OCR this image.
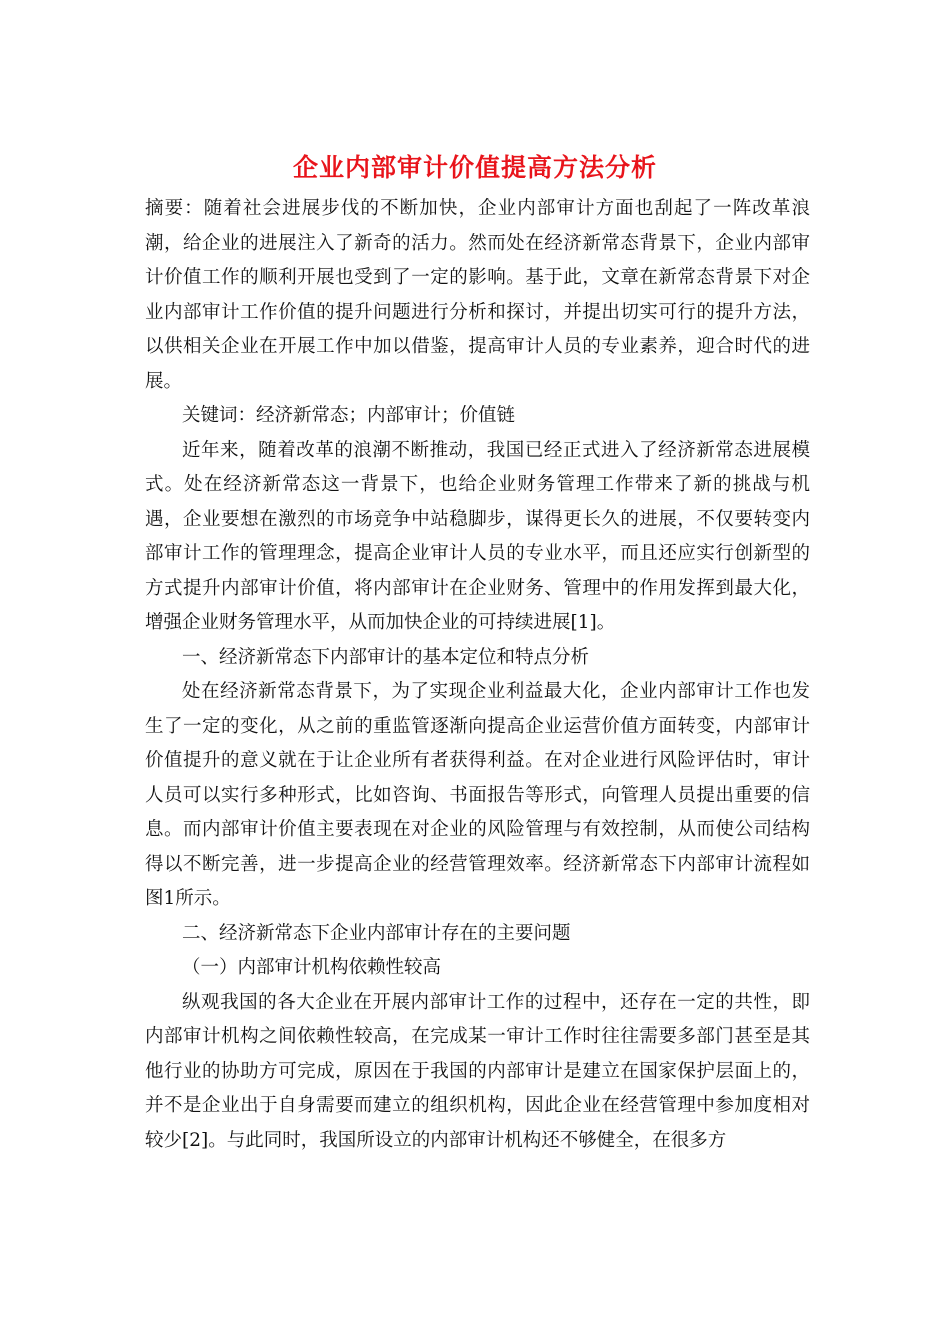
企业内部审计价值提高方法分析

摘要：随着社会进展步伐的不断加快，企业内部审计方面也刮起了一阵改革浪潮，给企业的进展注入了新奇的活力。然而处在经济新常态背景下，企业内部审计价值工作的顺利开展也受到了一定的影响。基于此，文章在新常态背景下对企业内部审计工作价值的提升问题进行分析和探讨，并提出切实可行的提升方法，以供相关企业在开展工作中加以借鉴，提高审计人员的专业素养，迎合时代的进展。

关键词：经济新常态；内部审计；价值链

近年来，随着改革的浪潮不断推动，我国已经正式进入了经济新常态进展模式。处在经济新常态这一背景下，也给企业财务管理工作带来了新的挑战与机遇，企业要想在激烈的市场竞争中站稳脚步，谋得更长久的进展，不仅要转变内部审计工作的管理理念，提高企业审计人员的专业水平，而且还应实行创新型的方式提升内部审计价值，将内部审计在企业财务、管理中的作用发挥到最大化，增强企业财务管理水平，从而加快企业的可持续进展[1]。

一、经济新常态下内部审计的基本定位和特点分析

处在经济新常态背景下，为了实现企业利益最大化，企业内部审计工作也发生了一定的变化，从之前的重监管逐渐向提高企业运营价值方面转变，内部审计价值提升的意义就在于让企业所有者获得利益。在对企业进行风险评估时，审计人员可以实行多种形式，比如咨询、书面报告等形式，向管理人员提出重要的信息。而内部审计价值主要表现在对企业的风险管理与有效控制，从而使公司结构得以不断完善，进一步提高企业的经营管理效率。经济新常态下内部审计流程如图1所示。

二、经济新常态下企业内部审计存在的主要问题

（一）内部审计机构依赖性较高

纵观我国的各大企业在开展内部审计工作的过程中，还存在一定的共性，即内部审计机构之间依赖性较高，在完成某一审计工作时往往需要多部门甚至是其他行业的协助方可完成，原因在于我国的内部审计是建立在国家保护层面上的，并不是企业出于自身需要而建立的组织机构，因此企业在经营管理中参加度相对较少[2]。与此同时，我国所设立的内部审计机构还不够健全，在很多方
